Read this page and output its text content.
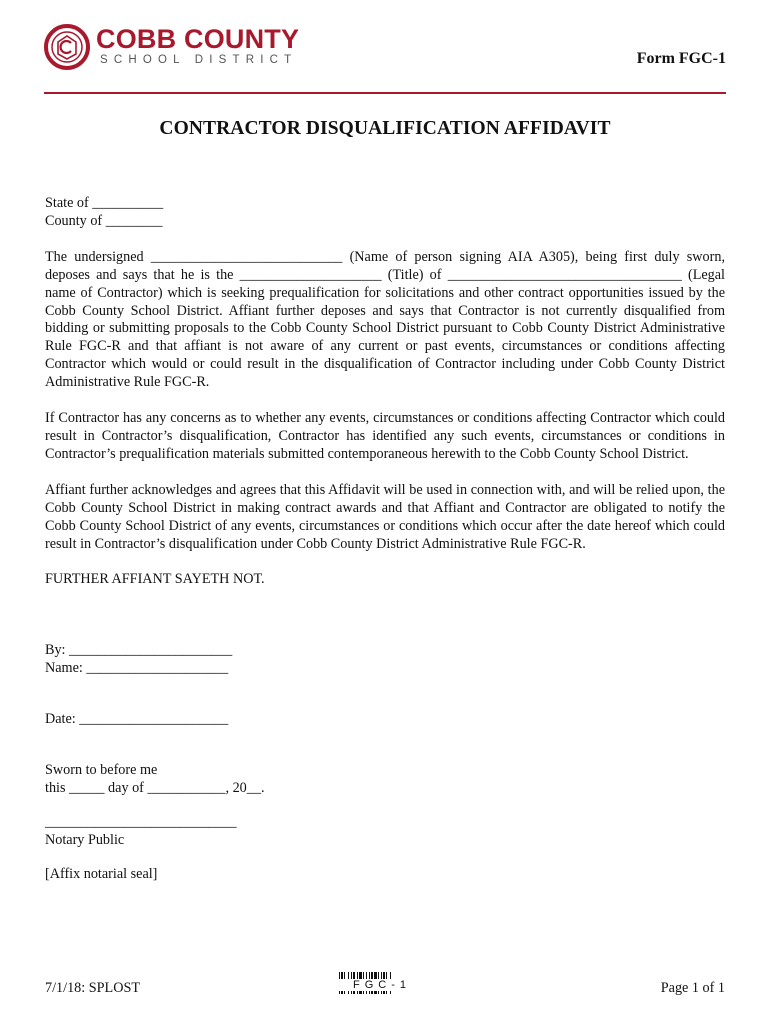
COBB COUNTY
SCHOOL DISTRICT	Form FGC-1
CONTRACTOR DISQUALIFICATION AFFIDAVIT
State of __________
County of ________

The undersigned ___________________________ (Name of person signing AIA A305), being first duly sworn, deposes and says that he is the ____________________ (Title) of _________________________________ (Legal name of Contractor) which is seeking prequalification for solicitations and other contract opportunities issued by the Cobb County School District. Affiant further deposes and says that Contractor is not currently disqualified from bidding or submitting proposals to the Cobb County School District pursuant to Cobb County District Administrative Rule FGC-R and that affiant is not aware of any current or past events, circumstances or conditions affecting Contractor which would or could result in the disqualification of Contractor including under Cobb County District Administrative Rule FGC-R.

If Contractor has any concerns as to whether any events, circumstances or conditions affecting Contractor which could result in Contractor’s disqualification, Contractor has identified any such events, circumstances or conditions in Contractor’s prequalification materials submitted contemporaneous herewith to the Cobb County School District.

Affiant further acknowledges and agrees that this Affidavit will be used in connection with, and will be relied upon, the Cobb County School District in making contract awards and that Affiant and Contractor are obligated to notify the Cobb County School District of any events, circumstances or conditions which occur after the date hereof which could result in Contractor’s disqualification under Cobb County District Administrative Rule FGC-R.

FURTHER AFFIANT SAYETH NOT.
By: _______________________
Name: ____________________
Date: _____________________
Sworn to before me
this _____ day of ___________, 20__.
___________________________
Notary Public
[Affix notarial seal]
7/1/18: SPLOST	FGC-1	Page 1 of 1
